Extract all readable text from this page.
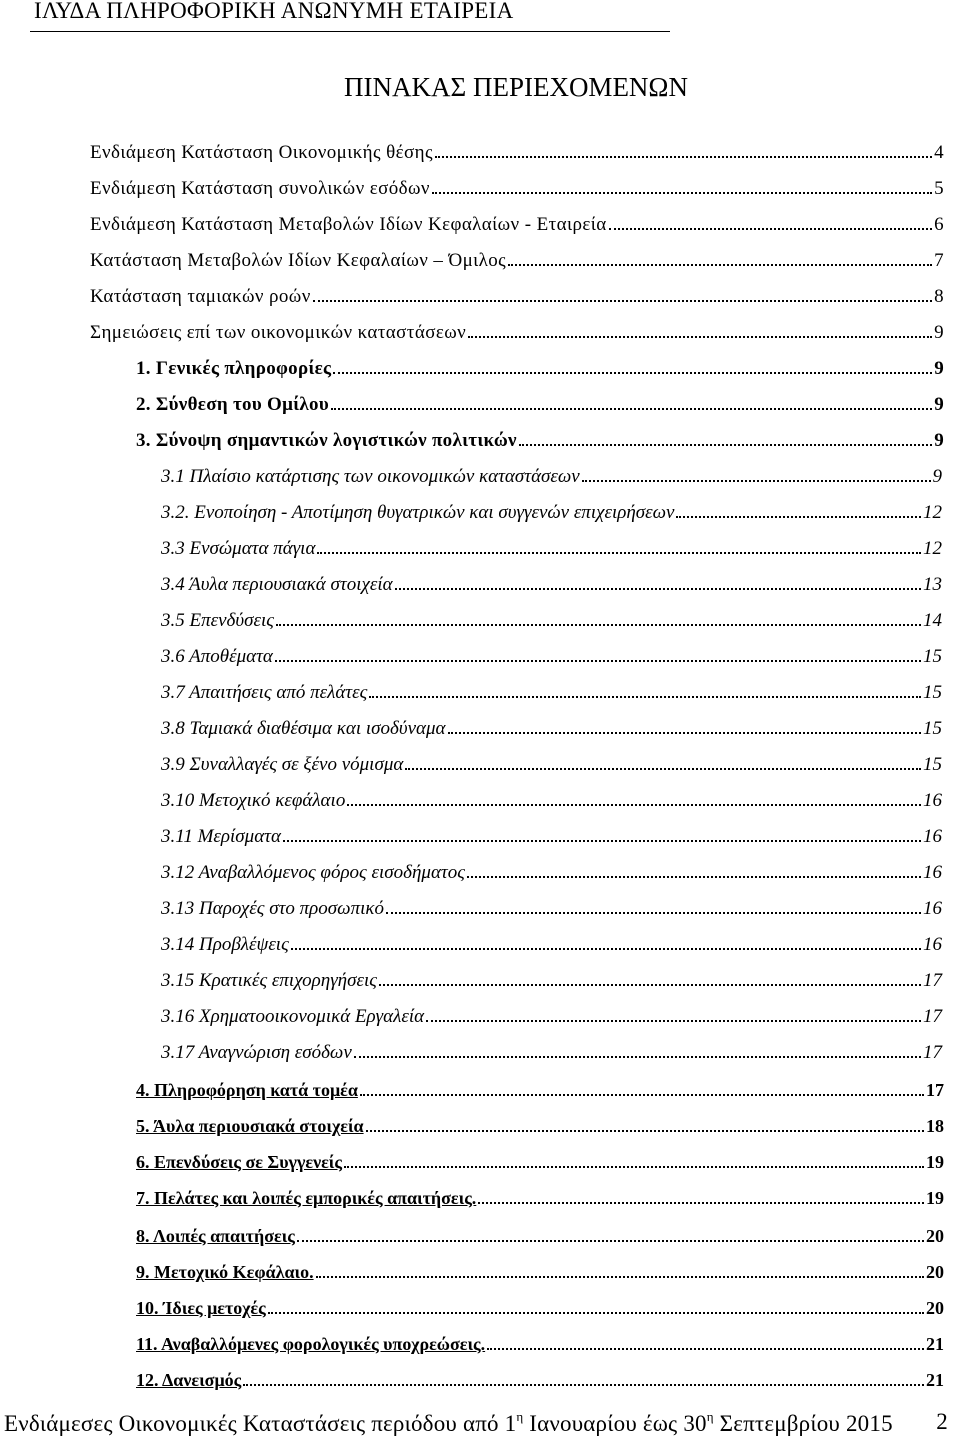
ΙΛΥΔΑ ΠΛΗΡΟΦΟΡΙΚΗ ΑΝΩΝΥΜΗ ΕΤΑΙΡΕΙΑ
ΠΙΝΑΚΑΣ ΠΕΡΙΕΧΟΜΕΝΩΝ
Ενδιάμεση Κατάσταση Οικονομικής θέσης	4
Ενδιάμεση Κατάσταση συνολικών εσόδων	5
Ενδιάμεση Κατάσταση Μεταβολών Ιδίων Κεφαλαίων - Εταιρεία	6
Κατάσταση Μεταβολών Ιδίων Κεφαλαίων – Όμιλος	7
Κατάσταση ταμιακών ροών	8
Σημειώσεις επί των οικονομικών καταστάσεων	9
1. Γενικές πληροφορίες	9
2. Σύνθεση του Ομίλου	9
3. Σύνοψη σημαντικών λογιστικών πολιτικών	9
3.1 Πλαίσιο κατάρτισης των οικονομικών καταστάσεων	9
3.2. Ενοποίηση - Αποτίμηση θυγατρικών και συγγενών επιχειρήσεων	12
3.3 Ενσώματα πάγια	12
3.4 Άυλα περιουσιακά στοιχεία	13
3.5 Επενδύσεις	14
3.6 Αποθέματα	15
3.7 Απαιτήσεις από πελάτες	15
3.8 Ταμιακά διαθέσιμα και ισοδύναμα	15
3.9 Συναλλαγές σε ξένο νόμισμα	15
3.10 Μετοχικό κεφάλαιο	16
3.11 Μερίσματα	16
3.12 Αναβαλλόμενος φόρος εισοδήματος	16
3.13 Παροχές στο προσωπικό	16
3.14 Προβλέψεις	16
3.15 Κρατικές επιχορηγήσεις	17
3.16 Χρηματοοικονομικά Εργαλεία	17
3.17 Αναγνώριση εσόδων	17
4. Πληροφόρηση κατά τομέα	17
5. Άυλα περιουσιακά στοιχεία	18
6. Επενδύσεις σε Συγγενείς	19
7. Πελάτες και λοιπές εμπορικές απαιτήσεις.	19
8. Λοιπές απαιτήσεις	20
9. Μετοχικό Κεφάλαιο.	20
10. Ίδιες μετοχές	20
11. Αναβαλλόμενες φορολογικές υποχρεώσεις.	21
12. Δανεισμός	21
Ενδιάμεσες Οικονομικές Καταστάσεις περιόδου από $1^\eta$ Ιανουαρίου έως $30^\eta$ Σεπτεμβρίου 2015 2
